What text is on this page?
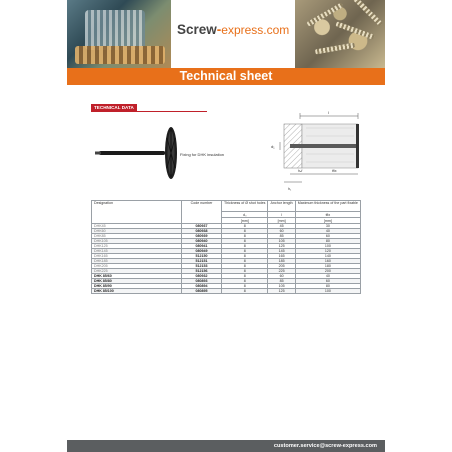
Screw-express.com
Technical sheet
TECHNICAL DATA
Fixing for DHK insulation
l
d₁
hₑf	tfix
h₁
Designation	Code number	Thickness of Ø shot holes	Anchor length	Maximum thickness of the part fixable
		d₀	l	tfix
		[mm]	[mm]	[mm]
DHK45	080937	8	45	30
DHK60	080938	8	60	40
DHK85	080939	8	85	60
DHK105	080940	8	105	80
DHK125	080941	8	125	100
DHK145	080949	8	145	120
DHK165	512150	8	165	140
DHK185	512151	8	185	160
DHK205	512153	8	205	180
DHK225	512156	8	225	200
DHK 85/60	080932	8	60	40
DHK 85/80	080893	8	85	60
DHK 85/90	080894	8	105	80
DHK 85/100	080895	8	125	100
customer.service@screw-express.com
